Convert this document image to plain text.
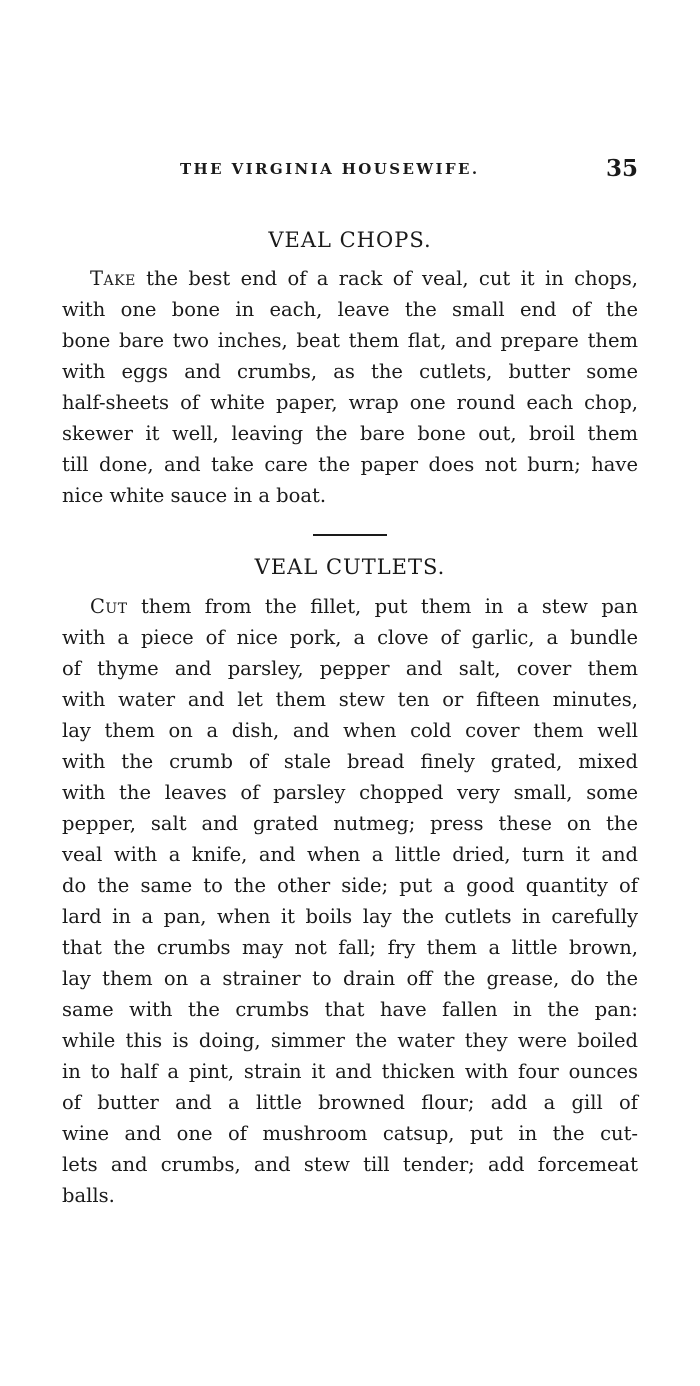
THE VIRGINIA HOUSEWIFE.	35
VEAL CHOPS.
Take the best end of a rack of veal, cut it in chops,
with one bone in each, leave the small end of the
bone bare two inches, beat them flat, and prepare them
with eggs and crumbs, as the cutlets, butter some
half-sheets of white paper, wrap one round each chop,
skewer it well, leaving the bare bone out, broil them
till done, and take care the paper does not burn; have
nice white sauce in a boat.
VEAL CUTLETS.
Cut them from the fillet, put them in a stew pan
with a piece of nice pork, a clove of garlic, a bundle
of thyme and parsley, pepper and salt, cover them
with water and let them stew ten or fifteen minutes,
lay them on a dish, and when cold cover them well
with the crumb of stale bread finely grated, mixed
with the leaves of parsley chopped very small, some
pepper, salt and grated nutmeg; press these on the
veal with a knife, and when a little dried, turn it and
do the same to the other side; put a good quantity of
lard in a pan, when it boils lay the cutlets in carefully
that the crumbs may not fall; fry them a little brown,
lay them on a strainer to drain off the grease, do the
same with the crumbs that have fallen in the pan:
while this is doing, simmer the water they were boiled
in to half a pint, strain it and thicken with four ounces
of butter and a little browned flour; add a gill of
wine and one of mushroom catsup, put in the cut-
lets and crumbs, and stew till tender; add forcemeat
balls.
